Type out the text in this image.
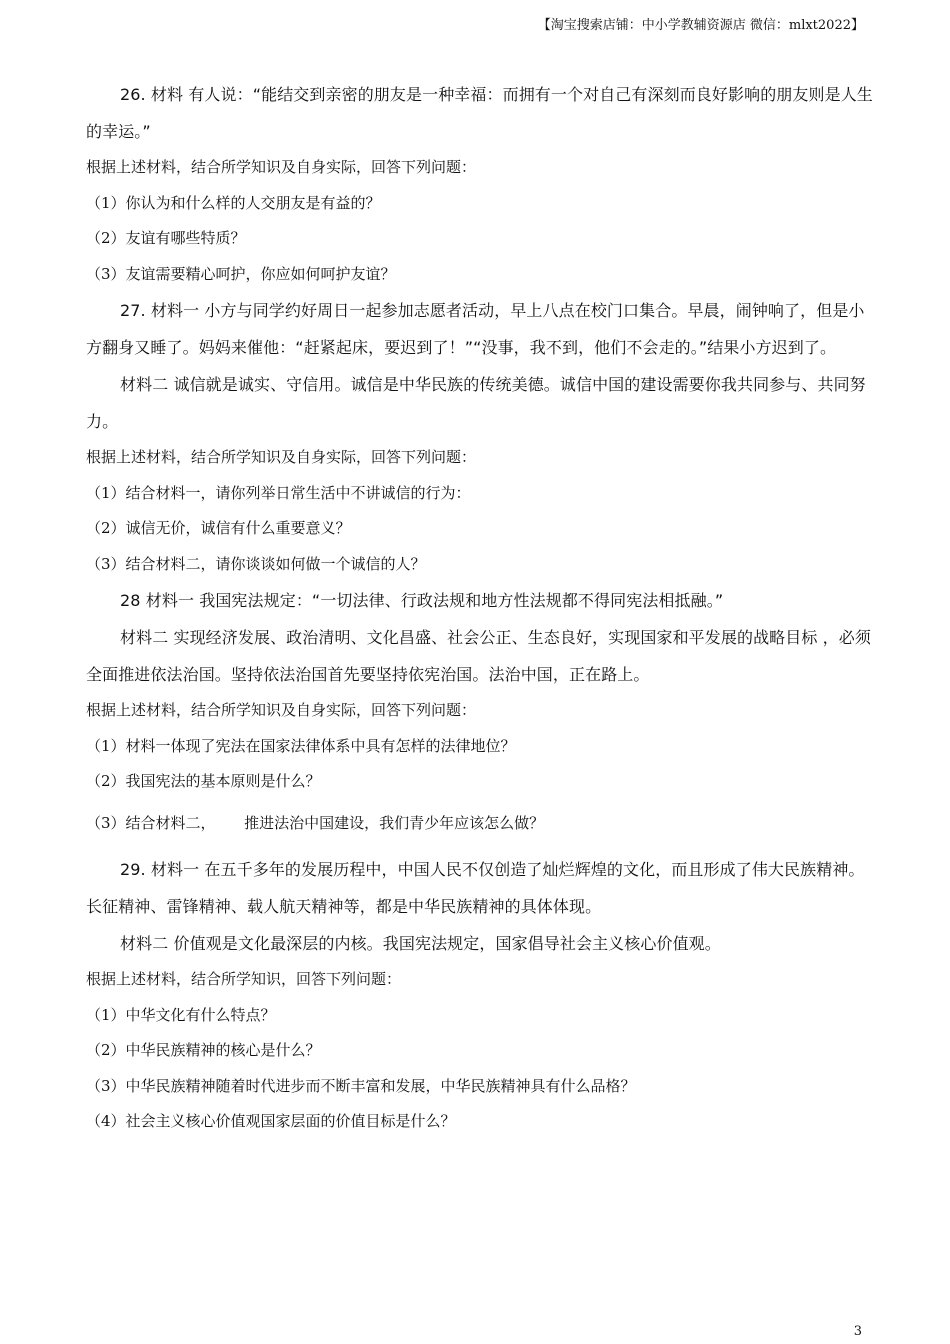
【淘宝搜索店铺：中小学教辅资源店 微信：mlxt2022】

26. 材料 有人说：“能结交到亲密的朋友是一种幸福：而拥有一个对自己有深刻而良好影响的朋友则是人生的幸运。”

根据上述材料，结合所学知识及自身实际，回答下列问题：

（1）你认为和什么样的人交朋友是有益的？

（2）友谊有哪些特质？

（3）友谊需要精心呵护，你应如何呵护友谊？

27. 材料一 小方与同学约好周日一起参加志愿者活动，早上八点在校门口集合。早晨，闹钟响了，但是小方翻身又睡了。妈妈来催他：“赶紧起床，要迟到了！”“没事，我不到，他们不会走的。”结果小方迟到了。

材料二 诚信就是诚实、守信用。诚信是中华民族的传统美德。诚信中国的建设需要你我共同参与、共同努力。

根据上述材料，结合所学知识及自身实际，回答下列问题：

（1）结合材料一，请你列举日常生活中不讲诚信的行为：

（2）诚信无价，诚信有什么重要意义？

（3）结合材料二，请你谈谈如何做一个诚信的人？

28 材料一 我国宪法规定：“一切法律、行政法规和地方性法规都不得同宪法相抵融。”

材料二 实现经济发展、政治清明、文化昌盛、社会公正、生态良好，实现国家和平发展的战略目标 ，必须全面推进依法治国。坚持依法治国首先要坚持依宪治国。法治中国，正在路上。

根据上述材料，结合所学知识及自身实际，回答下列问题：

（1）材料一体现了宪法在国家法律体系中具有怎样的法律地位？

（2）我国宪法的基本原则是什么？

（3）结合材料二，      推进法治中国建设，我们青少年应该怎么做？

29. 材料一 在五千多年的发展历程中，中国人民不仅创造了灿烂辉煌的文化，而且形成了伟大民族精神。长征精神、雷锋精神、载人航天精神等，都是中华民族精神的具体体现。

材料二 价值观是文化最深层的内核。我国宪法规定，国家倡导社会主义核心价值观。

根据上述材料，结合所学知识，回答下列问题：

（1）中华文化有什么特点？

（2）中华民族精神的核心是什么？

（3）中华民族精神随着时代进步而不断丰富和发展，中华民族精神具有什么品格？

（4）社会主义核心价值观国家层面的价值目标是什么？

3
